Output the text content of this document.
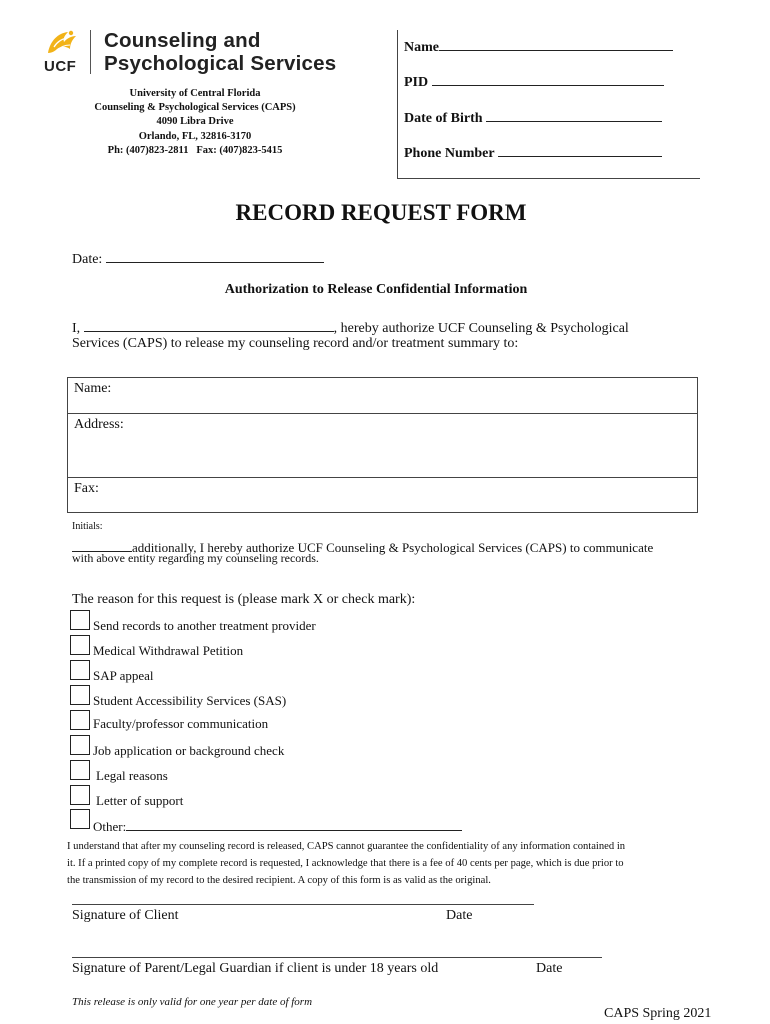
UCF
Counseling and
Psychological Services
University of Central Florida
Counseling & Psychological Services (CAPS)
4090 Libra Drive
Orlando, FL, 32816-3170
Ph: (407)823-2811   Fax: (407)823-5415
Name
PID
Date of Birth
Phone Number
RECORD REQUEST FORM
Date:
Authorization to Release Confidential Information
I,	, hereby authorize UCF Counseling & Psychological
Services (CAPS) to release my counseling record and/or treatment summary to:
Name:
Address:
Fax:
Initials:
additionally, I hereby authorize UCF Counseling & Psychological Services (CAPS) to communicate
with above entity regarding my counseling records.
The reason for this request is (please mark X or check mark):
Send records to another treatment provider
Medical Withdrawal Petition
SAP appeal
Student Accessibility Services (SAS)
Faculty/professor communication
Job application or background check
Legal reasons
Letter of support
Other:
I understand that after my counseling record is released, CAPS cannot guarantee the confidentiality of any information contained in
it. If a printed copy of my complete record is requested, I acknowledge that there is a fee of 40 cents per page, which is due prior to
the transmission of my record to the desired recipient. A copy of this form is as valid as the original.
Signature of Client	Date
Signature of Parent/Legal Guardian if client is under 18 years old	Date
This release is only valid for one year per date of form
CAPS Spring 2021
